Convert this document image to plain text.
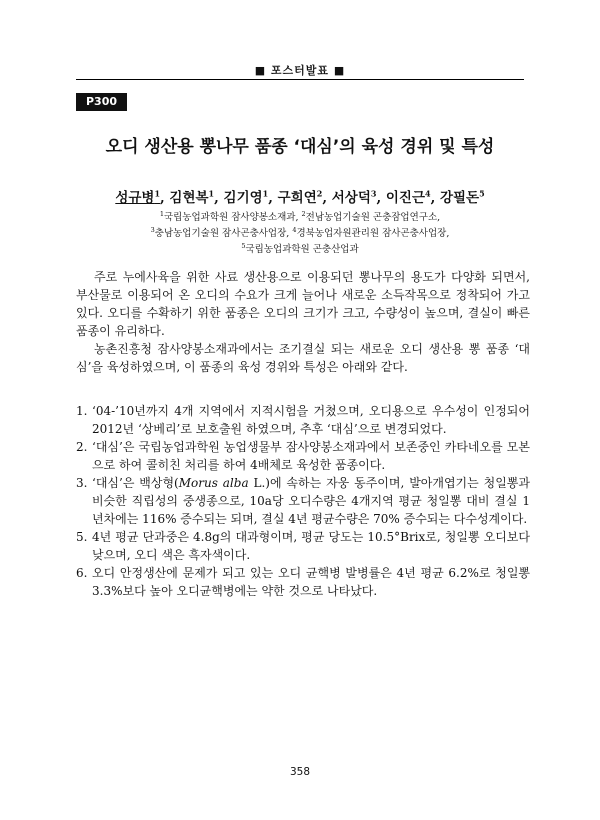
■ 포스터발표 ■
P300
오디 생산용 뽕나무 품종 ‘대심’의 육성 경위 및 특성
성규병$^1$, 김현복$^1$, 김기영$^1$, 구희연$^2$, 서상덕$^3$, 이진근$^4$, 강필돈$^5$
$^1$국립농업과학원 잠사양봉소재과, $^2$전남농업기술원 곤충잠업연구소,
$^3$충남농업기술원 잠사곤충사업장, $^4$경북농업자원관리원 잠사곤충사업장,
$^5$국립농업과학원 곤충산업과

주로 누에사육을 위한 사료 생산용으로 이용되던 뽕나무의 용도가 다양화 되면서, 부산물로 이용되어 온 오디의 수요가 크게 늘어나 새로운 소득작목으로 정착되어 가고 있다. 오디를 수확하기 위한 품종은 오디의 크기가 크고, 수량성이 높으며, 결실이 빠른 품종이 유리하다.

농촌진흥청 잠사양봉소재과에서는 조기결실 되는 새로운 오디 생산용 뽕 품종 ‘대심’을 육성하였으며, 이 품종의 육성 경위와 특성은 아래와 같다.

1. ‘04-’10년까지 4개 지역에서 지적시험을 거쳤으며, 오디용으로 우수성이 인정되어 2012년 ‘상베리’로 보호출원 하였으며, 추후 ‘대심’으로 변경되었다.
2. ‘대심’은 국립농업과학원 농업생물부 잠사양봉소재과에서 보존중인 카타네오를 모본으로 하여 콜히친 처리를 하여 4배체로 육성한 품종이다.
3. ‘대심’은 백상형(Morus alba L.)에 속하는 자웅 동주이며, 발아개엽기는 청일뽕과 비슷한 직립성의 중생종으로, 10a당 오디수량은 4개지역 평균 청일뽕 대비 결실 1년차에는 116% 증수되는 되며, 결실 4년 평균수량은 70% 증수되는 다수성계이다.
5. 4년 평균 단과중은 4.8g의 대과형이며, 평균 당도는 10.5°Brix로, 청일뽕 오디보다 낮으며, 오디 색은 흑자색이다.
6. 오디 안정생산에 문제가 되고 있는 오디 균핵병 발병률은 4년 평균 6.2%로 청일뽕 3.3%보다 높아 오디균핵병에는 약한 것으로 나타났다.
358
